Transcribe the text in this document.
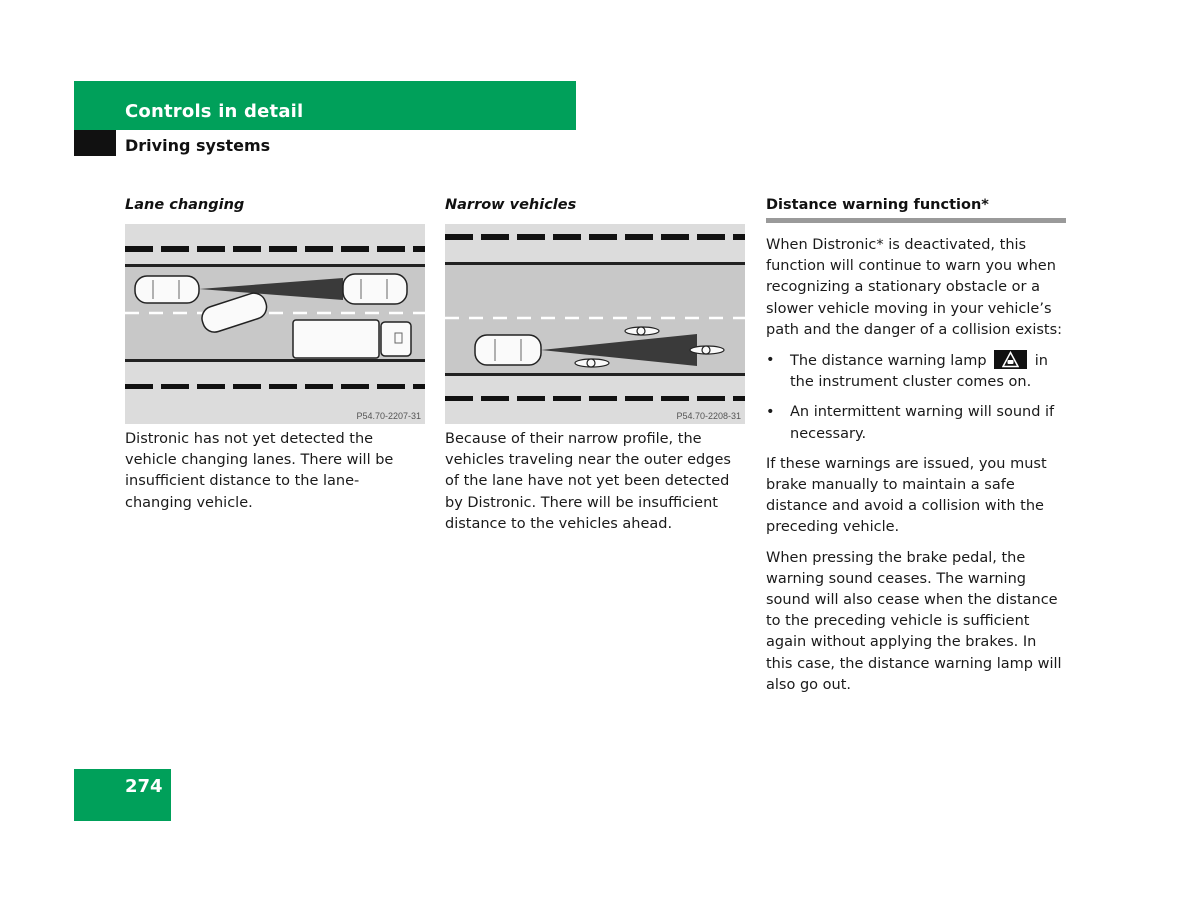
Controls in detail
Driving systems
Lane changing
P54.70-2207-31

Distronic has not yet detected the vehicle changing lanes. There will be insufficient distance to the lane-changing vehicle.

Narrow vehicles
P54.70-2208-31

Because of their narrow profile, the vehicles traveling near the outer edges of the lane have not yet been detected by Distronic. There will be insufficient distance to the vehicles ahead.

Distance warning function*

When Distronic* is deactivated, this function will continue to warn you when recognizing a stationary obstacle or a slower vehicle moving in your vehicle’s path and the danger of a collision exists:

• The distance warning lamp	in the instrument cluster comes on.
• An intermittent warning will sound if necessary.

If these warnings are issued, you must brake manually to maintain a safe distance and avoid a collision with the preceding vehicle.

When pressing the brake pedal, the warning sound ceases. The warning sound will also cease when the distance to the preceding vehicle is sufficient again without applying the brakes. In this case, the distance warning lamp will also go out.

274
